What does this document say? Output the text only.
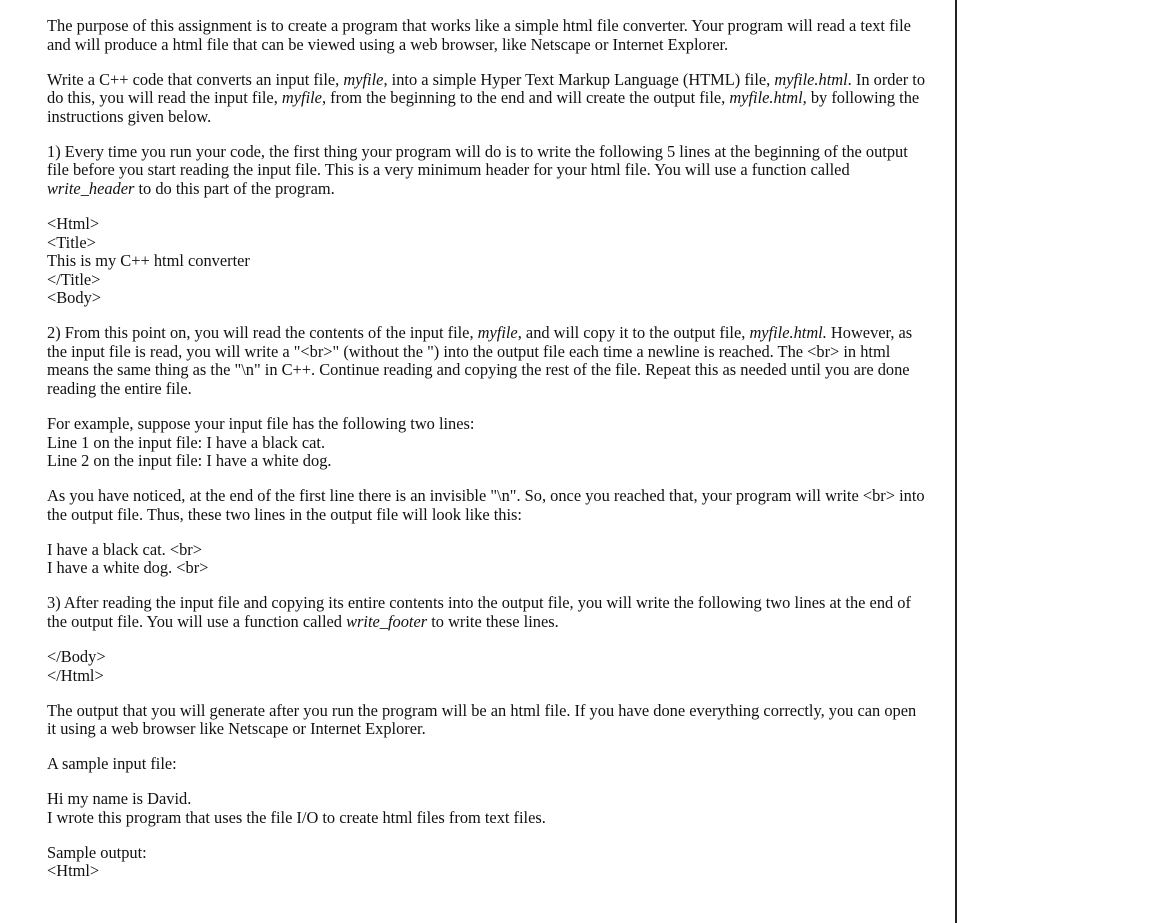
The purpose of this assignment is to create a program that works like a simple html file converter. Your program will read a text file and will produce a html file that can be viewed using a web browser, like Netscape or Internet Explorer.

Write a C++ code that converts an input file, myfile, into a simple Hyper Text Markup Language (HTML) file, myfile.html. In order to do this, you will read the input file, myfile, from the beginning to the end and will create the output file, myfile.html, by following the instructions given below.

1) Every time you run your code, the first thing your program will do is to write the following 5 lines at the beginning of the output file before you start reading the input file. This is a very minimum header for your html file. You will use a function called write_header to do this part of the program.

<Html>
<Title>
This is my C++ html converter
</Title>
<Body>

2) From this point on, you will read the contents of the input file, myfile, and will copy it to the output file, myfile.html. However, as the input file is read, you will write a "<br>" (without the ") into the output file each time a newline is reached. The <br> in html means the same thing as the "\n" in C++. Continue reading and copying the rest of the file. Repeat this as needed until you are done reading the entire file.

For example, suppose your input file has the following two lines:
Line 1 on the input file: I have a black cat.
Line 2 on the input file: I have a white dog.

As you have noticed, at the end of the first line there is an invisible "\n". So, once you reached that, your program will write <br> into the output file. Thus, these two lines in the output file will look like this:

I have a black cat. <br>
I have a white dog. <br>

3) After reading the input file and copying its entire contents into the output file, you will write the following two lines at the end of the output file. You will use a function called write_footer to write these lines.

</Body>
</Html>

The output that you will generate after you run the program will be an html file. If you have done everything correctly, you can open it using a web browser like Netscape or Internet Explorer.

A sample input file:

Hi my name is David.
I wrote this program that uses the file I/O to create html files from text files.

Sample output:
<Html>
